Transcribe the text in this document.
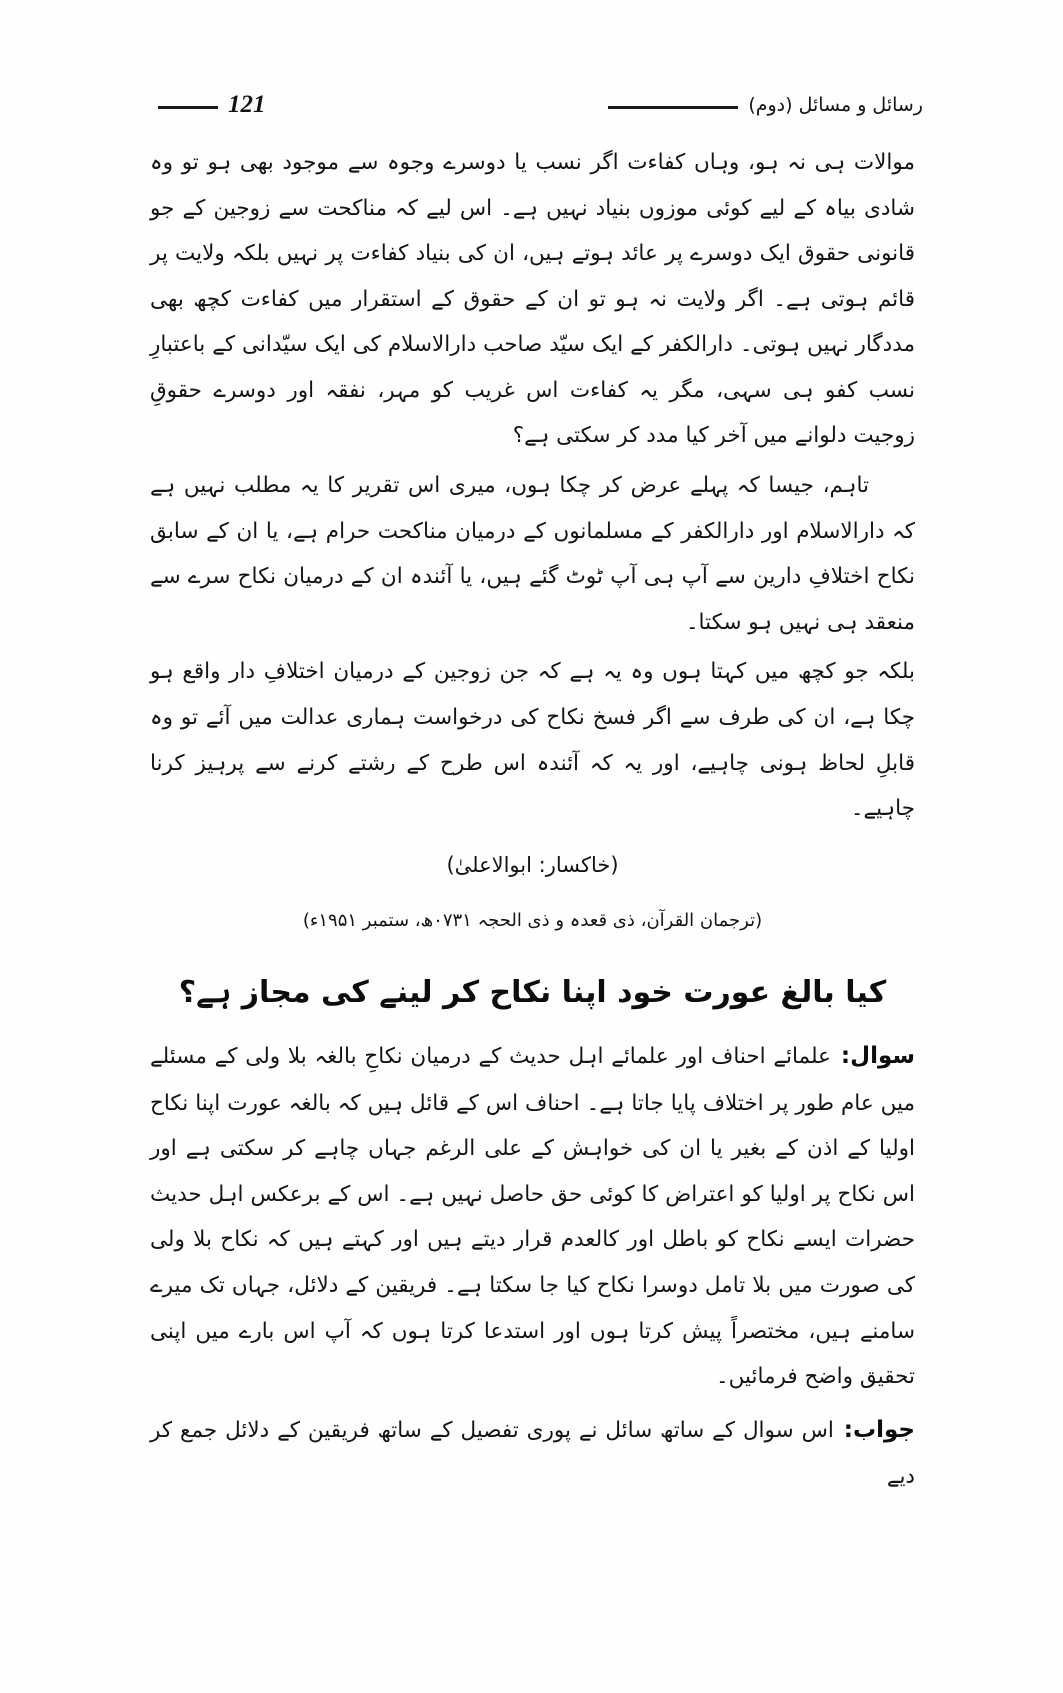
رسائل و مسائل (دوم)
121

موالات ہی نہ ہو، وہاں کفاءت اگر نسب یا دوسرے وجوہ سے موجود بھی ہو تو وہ شادی بیاہ کے لیے کوئی موزوں بنیاد نہیں ہے۔ اس لیے کہ مناکحت سے زوجین کے جو قانونی حقوق ایک دوسرے پر عائد ہوتے ہیں، ان کی بنیاد کفاءت پر نہیں بلکہ ولایت پر قائم ہوتی ہے۔ اگر ولایت نہ ہو تو ان کے حقوق کے استقرار میں کفاءت کچھ بھی مددگار نہیں ہوتی۔ دارالکفر کے ایک سیّد صاحب دارالاسلام کی ایک سیّدانی کے باعتبارِ نسب کفو ہی سہی، مگر یہ کفاءت اس غریب کو مہر، نفقہ اور دوسرے حقوقِ زوجیت دلوانے میں آخر کیا مدد کر سکتی ہے؟

تاہم، جیسا کہ پہلے عرض کر چکا ہوں، میری اس تقریر کا یہ مطلب نہیں ہے کہ دارالاسلام اور دارالکفر کے مسلمانوں کے درمیان مناکحت حرام ہے، یا ان کے سابق نکاح اختلافِ دارین سے آپ ہی آپ ٹوٹ گئے ہیں، یا آئندہ ان کے درمیان نکاح سرے سے منعقد ہی نہیں ہو سکتا۔

بلکہ جو کچھ میں کہتا ہوں وہ یہ ہے کہ جن زوجین کے درمیان اختلافِ دار واقع ہو چکا ہے، ان کی طرف سے اگر فسخ نکاح کی درخواست ہماری عدالت میں آئے تو وہ قابلِ لحاظ ہونی چاہیے، اور یہ کہ آئندہ اس طرح کے رشتے کرنے سے پرہیز کرنا چاہیے۔

(خاکسار: ابوالاعلیٰ)

(ترجمان القرآن، ذی قعدہ و ذی الحجہ ۰۷۳۱ھ، ستمبر ۱۹۵۱ء)

کیا بالغ عورت خود اپنا نکاح کر لینے کی مجاز ہے؟

سوال:علمائے احناف اور علمائے اہل حدیث کے درمیان نکاحِ بالغہ بلا ولی کے مسئلے میں عام طور پر اختلاف پایا جاتا ہے۔ احناف اس کے قائل ہیں کہ بالغہ عورت اپنا نکاح اولیا کے اذن کے بغیر یا ان کی خواہش کے علی الرغم جہاں چاہے کر سکتی ہے اور اس نکاح پر اولیا کو اعتراض کا کوئی حق حاصل نہیں ہے۔ اس کے برعکس اہل حدیث حضرات ایسے نکاح کو باطل اور کالعدم قرار دیتے ہیں اور کہتے ہیں کہ نکاح بلا ولی کی صورت میں بلا تامل دوسرا نکاح کیا جا سکتا ہے۔ فریقین کے دلائل، جہاں تک میرے سامنے ہیں، مختصراً پیش کرتا ہوں اور استدعا کرتا ہوں کہ آپ اس بارے میں اپنی تحقیق واضح فرمائیں۔

جواب:اس سوال کے ساتھ سائل نے پوری تفصیل کے ساتھ فریقین کے دلائل جمع کر دیے
